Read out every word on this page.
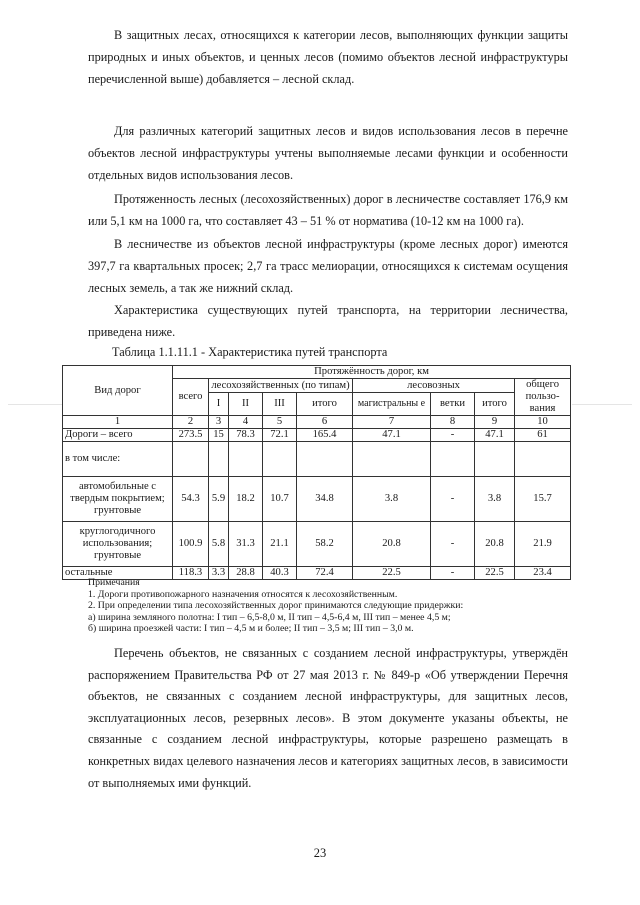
В защитных лесах, относящихся к категории лесов, выполняющих функции защиты природных и иных объектов, и ценных лесов (помимо объектов лесной инфраструктуры перечисленной выше) добавляется – лесной склад.

Для различных категорий защитных лесов и видов использования лесов в перечне объектов лесной инфраструктуры учтены выполняемые лесами функции и особенности отдельных видов использования лесов.

Протяженность лесных (лесохозяйственных) дорог в лесничестве составляет 176,9 км или 5,1 км на 1000 га, что составляет 43 – 51 % от норматива (10-12 км на 1000 га).

В лесничестве из объектов лесной инфраструктуры (кроме лесных дорог) имеются 397,7 га квартальных просек; 2,7 га трасс мелиорации, относящихся к системам осущения лесных земель, а так же нижний склад.

Характеристика существующих путей транспорта, на территории лесничества, приведена ниже.

Таблица 1.1.11.1 - Характеристика путей транспорта

Вид дорог	Протяжённость дорог, км								
	всего	лесохозяйственных (по типам)				лесовозных			общего пользо-вания
		I	II	III	итого	магистральны е	ветки	итого	
1	2	3	4	5	6	7	8	9	10
Дороги – всего	273.5	15	78.3	72.1	165.4	47.1	-	47.1	61
в том числе:									
автомобильные с твердым покрытием; грунтовые	54.3	5.9	18.2	10.7	34.8	3.8	-	3.8	15.7
круглогодичного использования; грунтовые	100.9	5.8	31.3	21.1	58.2	20.8	-	20.8	21.9
остальные	118.3	3.3	28.8	40.3	72.4	22.5	-	22.5	23.4

Примечания

1. Дороги противопожарного назначения относятся к лесохозяйственным.

2. При определении типа лесохозяйственных дорог принимаются следующие придержки:

а) ширина земляного полотна: I тип – 6,5-8,0 м, II тип – 4,5-6,4 м, III тип – менее 4,5 м;

б) ширина проезжей части: I тип – 4,5 м и более; II тип – 3,5 м; III тип – 3,0 м.

Перечень объектов, не связанных с созданием лесной инфраструктуры, утверждён распоряжением Правительства РФ от 27 мая 2013 г. № 849-р «Об утверждении Перечня объектов, не связанных с созданием лесной инфраструктуры, для защитных лесов, эксплуатационных лесов, резервных лесов». В этом документе указаны объекты, не связанные с созданием лесной инфраструктуры, которые разрешено размещать в конкретных видах целевого назначения лесов и категориях защитных лесов, в зависимости от выполняемых ими функций.

23
